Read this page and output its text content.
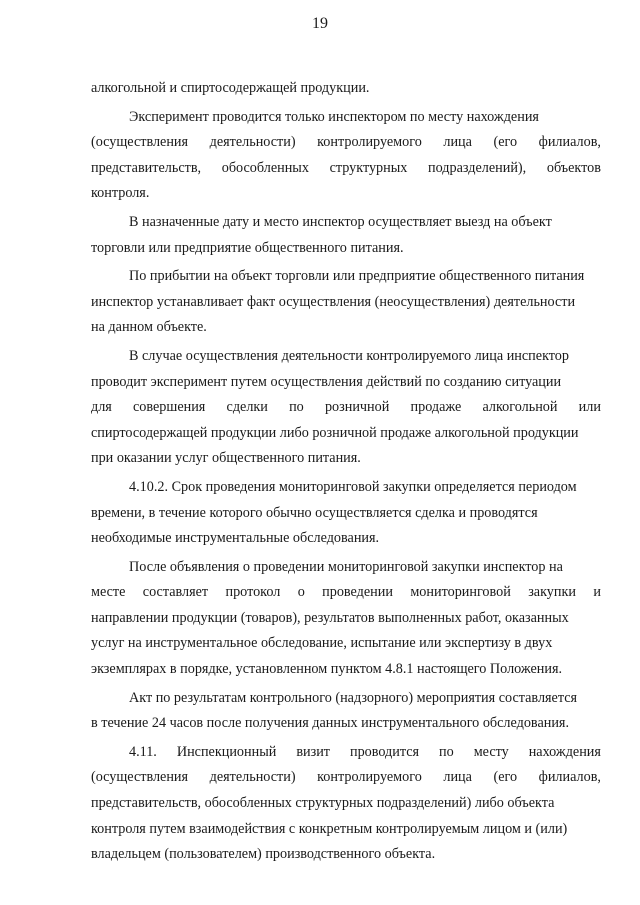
19
алкогольной и спиртосодержащей продукции.
Эксперимент проводится только инспектором по месту нахождения
(осуществления деятельности) контролируемого лица (его филиалов,
представительств, обособленных структурных подразделений), объектов
контроля.
В назначенные дату и место инспектор осуществляет выезд на объект
торговли или предприятие общественного питания.
По прибытии на объект торговли или предприятие общественного питания
инспектор устанавливает факт осуществления (неосуществления) деятельности
на данном объекте.
В случае осуществления деятельности контролируемого лица инспектор
проводит эксперимент путем осуществления действий по созданию ситуации
для совершения сделки по розничной продаже алкогольной или
спиртосодержащей продукции либо розничной продаже алкогольной продукции
при оказании услуг общественного питания.
4.10.2. Срок проведения мониторинговой закупки определяется периодом
времени, в течение которого обычно осуществляется сделка и проводятся
необходимые инструментальные обследования.
После объявления о проведении мониторинговой закупки инспектор на
месте составляет протокол о проведении мониторинговой закупки и
направлении продукции (товаров), результатов выполненных работ, оказанных
услуг на инструментальное обследование, испытание или экспертизу в двух
экземплярах в порядке, установленном пунктом 4.8.1 настоящего Положения.
Акт по результатам контрольного (надзорного) мероприятия составляется
в течение 24 часов после получения данных инструментального обследования.
4.11. Инспекционный визит проводится по месту нахождения
(осуществления деятельности) контролируемого лица (его филиалов,
представительств, обособленных структурных подразделений) либо объекта
контроля путем взаимодействия с конкретным контролируемым лицом и (или)
владельцем (пользователем) производственного объекта.
